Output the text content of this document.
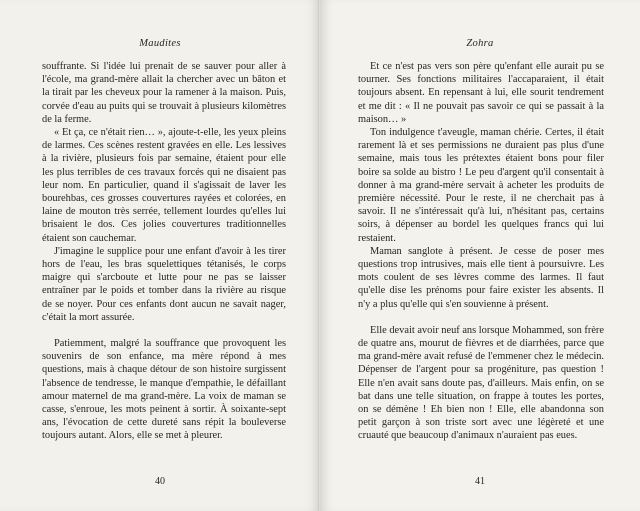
Maudites

souffrante. Si l'idée lui prenait de se sauver pour aller à l'école, ma grand-mère allait la chercher avec un bâton et la tirait par les cheveux pour la ramener à la maison. Puis, corvée d'eau au puits qui se trouvait à plusieurs kilomètres de la ferme.

« Et ça, ce n'était rien… », ajoute-t-elle, les yeux pleins de larmes. Ces scènes restent gravées en elle. Les lessives à la rivière, plusieurs fois par semaine, étaient pour elle les plus terribles de ces travaux forcés qui ne disaient pas leur nom. En particulier, quand il s'agissait de laver les bourehbas, ces grosses couvertures rayées et colorées, en laine de mouton très serrée, tellement lourdes qu'elles lui brisaient le dos. Ces jolies couvertures traditionnelles étaient son cauchemar.

J'imagine le supplice pour une enfant d'avoir à les tirer hors de l'eau, les bras squelettiques tétanisés, le corps maigre qui s'arcboute et lutte pour ne pas se laisser entraîner par le poids et tomber dans la rivière au risque de se noyer. Pour ces enfants dont aucun ne savait nager, c'était la mort assurée.

Patiemment, malgré la souffrance que provoquent les souvenirs de son enfance, ma mère répond à mes questions, mais à chaque détour de son histoire surgissent l'absence de tendresse, le manque d'empathie, le défaillant amour maternel de ma grand-mère. La voix de maman se casse, s'enroue, les mots peinent à sortir. À soixante-sept ans, l'évocation de cette dureté sans répit la bouleverse toujours autant. Alors, elle se met à pleurer.

40
Zohra

Et ce n'est pas vers son père qu'enfant elle aurait pu se tourner. Ses fonctions militaires l'accaparaient, il était toujours absent. En repensant à lui, elle sourit tendrement et me dit : « Il ne pouvait pas savoir ce qui se passait à la maison… »

Ton indulgence t'aveugle, maman chérie. Certes, il était rarement là et ses permissions ne duraient pas plus d'une semaine, mais tous les prétextes étaient bons pour filer boire sa solde au bistro ! Le peu d'argent qu'il consentait à donner à ma grand-mère servait à acheter les produits de première nécessité. Pour le reste, il ne cherchait pas à savoir. Il ne s'intéressait qu'à lui, n'hésitant pas, certains soirs, à dépenser au bordel les quelques francs qui lui restaient.

Maman sanglote à présent. Je cesse de poser mes questions trop intrusives, mais elle tient à poursuivre. Les mots coulent de ses lèvres comme des larmes. Il faut qu'elle dise les prénoms pour faire exister les absents. Il n'y a plus qu'elle qui s'en souvienne à présent.

Elle devait avoir neuf ans lorsque Mohammed, son frère de quatre ans, mourut de fièvres et de diarrhées, parce que ma grand-mère avait refusé de l'emmener chez le médecin. Dépenser de l'argent pour sa progéniture, pas question ! Elle n'en avait sans doute pas, d'ailleurs. Mais enfin, on se bat dans une telle situation, on frappe à toutes les portes, on se démène ! Eh bien non ! Elle, elle abandonna son petit garçon à son triste sort avec une légèreté et une cruauté que beaucoup d'animaux n'auraient pas eues.

41
